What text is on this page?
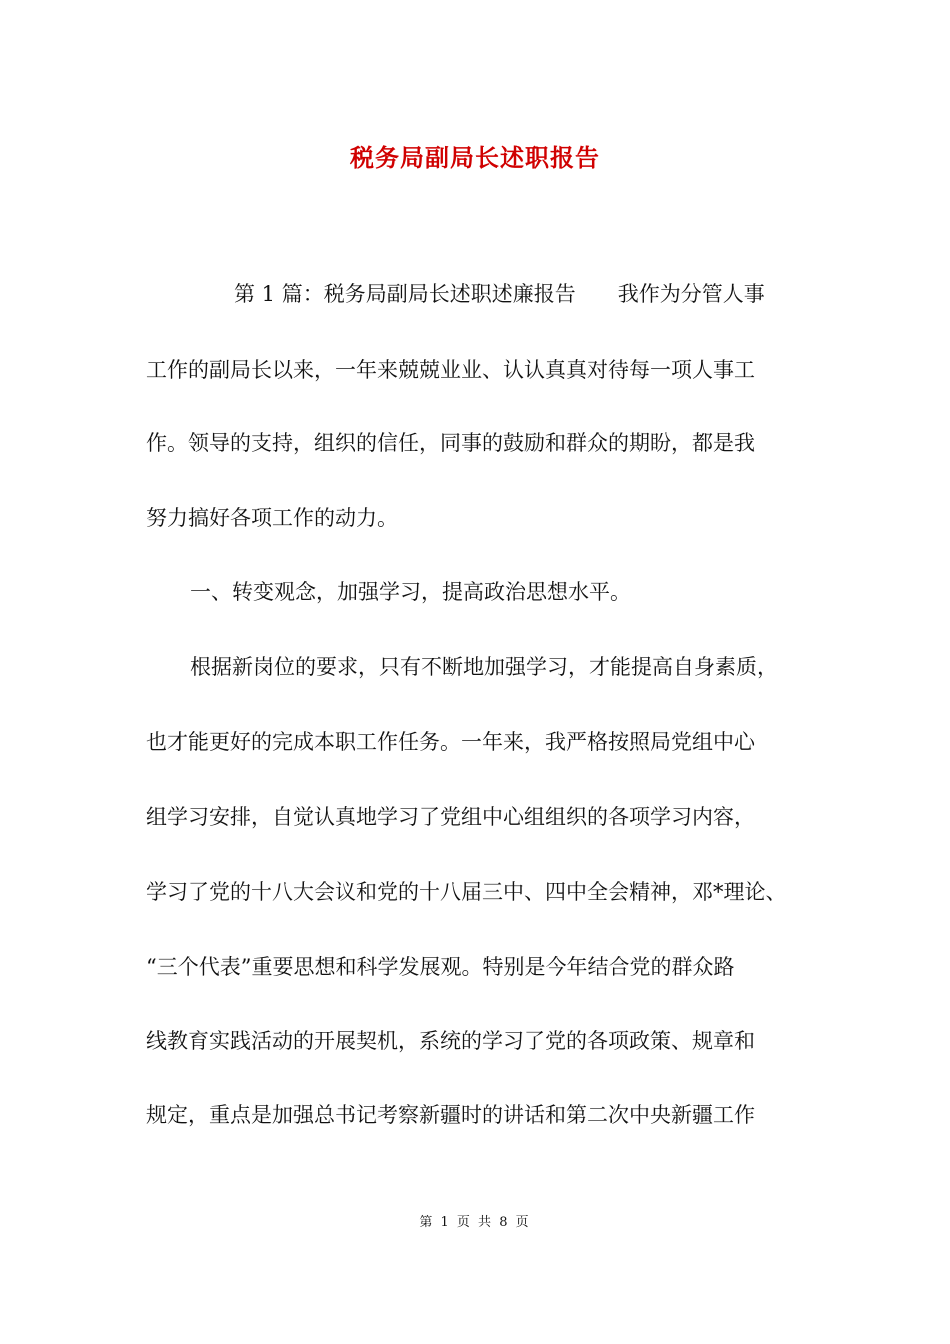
税务局副局长述职报告

第 1 篇：税务局副局长述职述廉报告　　我作为分管人事

工作的副局长以来，一年来兢兢业业、认认真真对待每一项人事工

作。领导的支持，组织的信任，同事的鼓励和群众的期盼，都是我

努力搞好各项工作的动力。

一、转变观念，加强学习，提高政治思想水平。

根据新岗位的要求，只有不断地加强学习，才能提高自身素质，

也才能更好的完成本职工作任务。一年来，我严格按照局党组中心

组学习安排，自觉认真地学习了党组中心组组织的各项学习内容，

学习了党的十八大会议和党的十八届三中、四中全会精神，邓*理论、

“三个代表”重要思想和科学发展观。特别是今年结合党的群众路

线教育实践活动的开展契机，系统的学习了党的各项政策、规章和

规定，重点是加强总书记考察新疆时的讲话和第二次中央新疆工作

第 1 页 共 8 页
